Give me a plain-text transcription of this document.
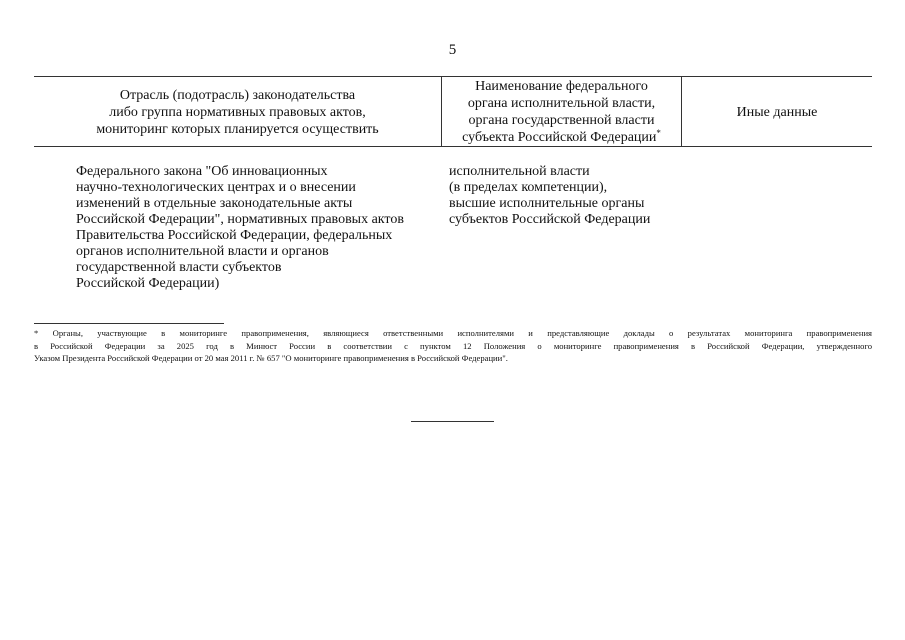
5
Отрасль (подотрасль) законодательства
либо группа нормативных правовых актов,
мониторинг которых планируется осуществить
Наименование федерального
органа исполнительной власти,
органа государственной власти
субъекта Российской Федерации*
Иные данные
Федерального закона "Об инновационных
научно-технологических центрах и о внесении
изменений в отдельные законодательные акты
Российской Федерации", нормативных правовых актов
Правительства Российской Федерации, федеральных
органов исполнительной власти и органов
государственной власти субъектов
Российской Федерации)
исполнительной власти
(в пределах компетенции),
высшие исполнительные органы
субъектов Российской Федерации
* Органы, участвующие в мониторинге правоприменения, являющиеся ответственными исполнителями и представляющие доклады о результатах мониторинга правоприменения
в Российской Федерации за 2025 год в Минюст России в соответствии с пунктом 12 Положения о мониторинге правоприменения в Российской Федерации, утвержденного
Указом Президента Российской Федерации от 20 мая 2011 г. № 657 "О мониторинге правоприменения в Российской Федерации".
